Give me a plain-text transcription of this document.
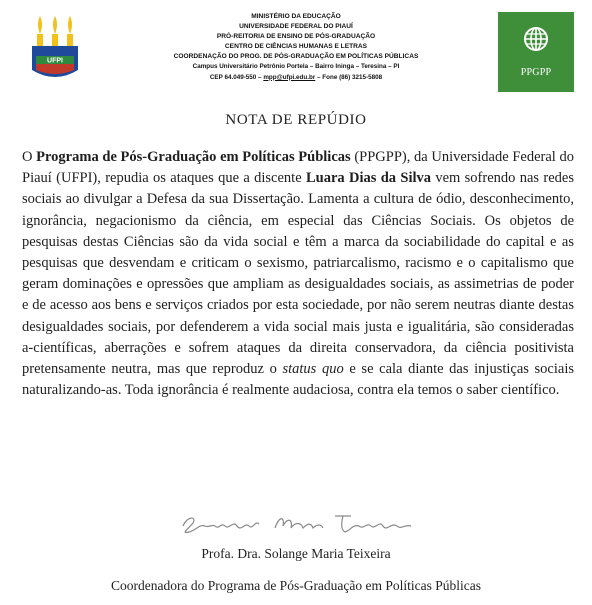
UFPI
MINISTÉRIO DA EDUCAÇÃO
UNIVERSIDADE FEDERAL DO PIAUÍ
PRÓ-REITORIA DE ENSINO DE PÓS-GRADUAÇÃO
CENTRO DE CIÊNCIAS HUMANAS E LETRAS
COORDENAÇÃO DO PROG. DE PÓS-GRADUAÇÃO EM POLÍTICAS PÚBLICAS
Campus Universitário Petrônio Portela – Bairro Ininga – Teresina – PI
CEP 64.049-550 – mpp@ufpi.edu.br – Fone (86) 3215-5808	PPGPP
NOTA DE REPÚDIO

O Programa de Pós-Graduação em Políticas Públicas (PPGPP), da Universidade Federal do Piauí (UFPI), repudia os ataques que a discente Luara Dias da Silva vem sofrendo nas redes sociais ao divulgar a Defesa da sua Dissertação. Lamenta a cultura de ódio, desconhecimento, ignorância, negacionismo da ciência, em especial das Ciências Sociais. Os objetos de pesquisas destas Ciências são da vida social e têm a marca da sociabilidade do capital e as pesquisas que desvendam e criticam o sexismo, patriarcalismo, racismo e o capitalismo que geram dominações e opressões que ampliam as desigualdades sociais, as assimetrias de poder e de acesso aos bens e serviços criados por esta sociedade, por não serem neutras diante destas desigualdades sociais, por defenderem a vida social mais justa e igualitária, são consideradas a-científicas, aberrações e sofrem ataques da direita conservadora, da ciência positivista pretensamente neutra, mas que reproduz o status quo e se cala diante das injustiças sociais naturalizando-as. Toda ignorância é realmente audaciosa, contra ela temos o saber científico.

Profa. Dra. Solange Maria Teixeira
Coordenadora do Programa de Pós-Graduação em Políticas Públicas
